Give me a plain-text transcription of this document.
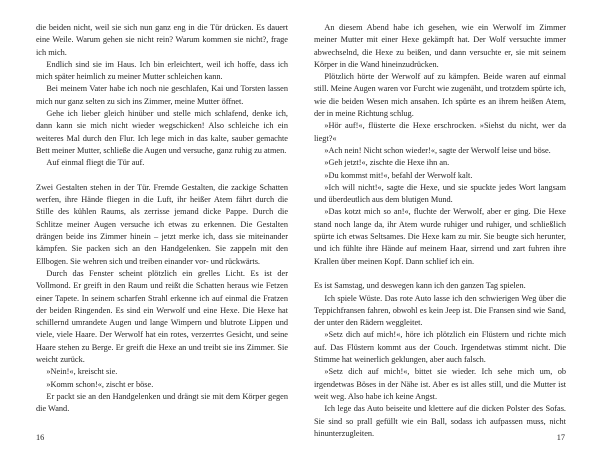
die beiden nicht, weil sie sich nun ganz eng in die Tür drücken. Es dauert eine Weile. Warum gehen sie nicht rein? Warum kommen sie nicht?, frage ich mich.

Endlich sind sie im Haus. Ich bin erleichtert, weil ich hoffe, dass ich mich später heimlich zu meiner Mutter schleichen kann.

Bei meinem Vater habe ich noch nie geschlafen, Kai und Torsten lassen mich nur ganz selten zu sich ins Zimmer, meine Mutter öffnet.

Gehe ich lieber gleich hinüber und stelle mich schlafend, denke ich, dann kann sie mich nicht wieder wegschicken! Also schleiche ich ein weiteres Mal durch den Flur. Ich lege mich in das kalte, sauber gemachte Bett meiner Mutter, schließe die Augen und versuche, ganz ruhig zu atmen.

Auf einmal fliegt die Tür auf.

Zwei Gestalten stehen in der Tür. Fremde Gestalten, die zackige Schatten werfen, ihre Hände fliegen in die Luft, ihr heißer Atem fährt durch die Stille des kühlen Raums, als zerrisse jemand dicke Pappe. Durch die Schlitze meiner Augen versuche ich etwas zu erkennen. Die Gestalten drängen beide ins Zimmer hinein – jetzt merke ich, dass sie miteinander kämpfen. Sie packen sich an den Handgelenken. Sie zappeln mit den Ellbogen. Sie wehren sich und treiben einander vor- und rückwärts.

Durch das Fenster scheint plötzlich ein grelles Licht. Es ist der Vollmond. Er greift in den Raum und reißt die Schatten heraus wie Fetzen einer Tapete. In seinem scharfen Strahl erkenne ich auf einmal die Fratzen der beiden Ringenden. Es sind ein Werwolf und eine Hexe. Die Hexe hat schillernd umrandete Augen und lange Wimpern und blutrote Lippen und viele, viele Haare. Der Werwolf hat ein rotes, verzerrtes Gesicht, und seine Haare stehen zu Berge. Er greift die Hexe an und treibt sie ins Zimmer. Sie weicht zurück.

»Nein!«, kreischt sie.

»Komm schon!«, zischt er böse.

Er packt sie an den Handgelenken und drängt sie mit dem Körper gegen die Wand.

An diesem Abend habe ich gesehen, wie ein Werwolf im Zimmer meiner Mutter mit einer Hexe gekämpft hat. Der Wolf versuchte immer abwechselnd, die Hexe zu beißen, und dann versuchte er, sie mit seinem Körper in die Wand hineinzudrücken.

Plötzlich hörte der Werwolf auf zu kämpfen. Beide waren auf einmal still. Meine Augen waren vor Furcht wie zugenäht, und trotzdem spürte ich, wie die beiden Wesen mich ansahen. Ich spürte es an ihrem heißen Atem, der in meine Richtung schlug.

»Hör auf!«, flüsterte die Hexe erschrocken. »Siehst du nicht, wer da liegt?«

»Ach nein! Nicht schon wieder!«, sagte der Werwolf leise und böse.

»Geh jetzt!«, zischte die Hexe ihn an.

»Du kommst mit!«, befahl der Werwolf kalt.

»Ich will nicht!«, sagte die Hexe, und sie spuckte jedes Wort langsam und überdeutlich aus dem blutigen Mund.

»Das kotzt mich so an!«, fluchte der Werwolf, aber er ging. Die Hexe stand noch lange da, ihr Atem wurde ruhiger und ruhiger, und schließlich spürte ich etwas Seltsames. Die Hexe kam zu mir. Sie beugte sich herunter, und ich fühlte ihre Hände auf meinem Haar, sirrend und zart fuhren ihre Krallen über meinen Kopf. Dann schlief ich ein.

Es ist Samstag, und deswegen kann ich den ganzen Tag spielen.

Ich spiele Wüste. Das rote Auto lasse ich den schwierigen Weg über die Teppichfransen fahren, obwohl es kein Jeep ist. Die Fransen sind wie Sand, der unter den Rädern weggleitet.

»Setz dich auf mich!«, höre ich plötzlich ein Flüstern und richte mich auf. Das Flüstern kommt aus der Couch. Irgendetwas stimmt nicht. Die Stimme hat weinerlich geklungen, aber auch falsch.

»Setz dich auf mich!«, bittet sie wieder. Ich sehe mich um, ob irgendetwas Böses in der Nähe ist. Aber es ist alles still, und die Mutter ist weit weg. Also habe ich keine Angst.

Ich lege das Auto beiseite und klettere auf die dicken Polster des Sofas. Sie sind so prall gefüllt wie ein Ball, sodass ich aufpassen muss, nicht hinunterzugleiten.

16	17
